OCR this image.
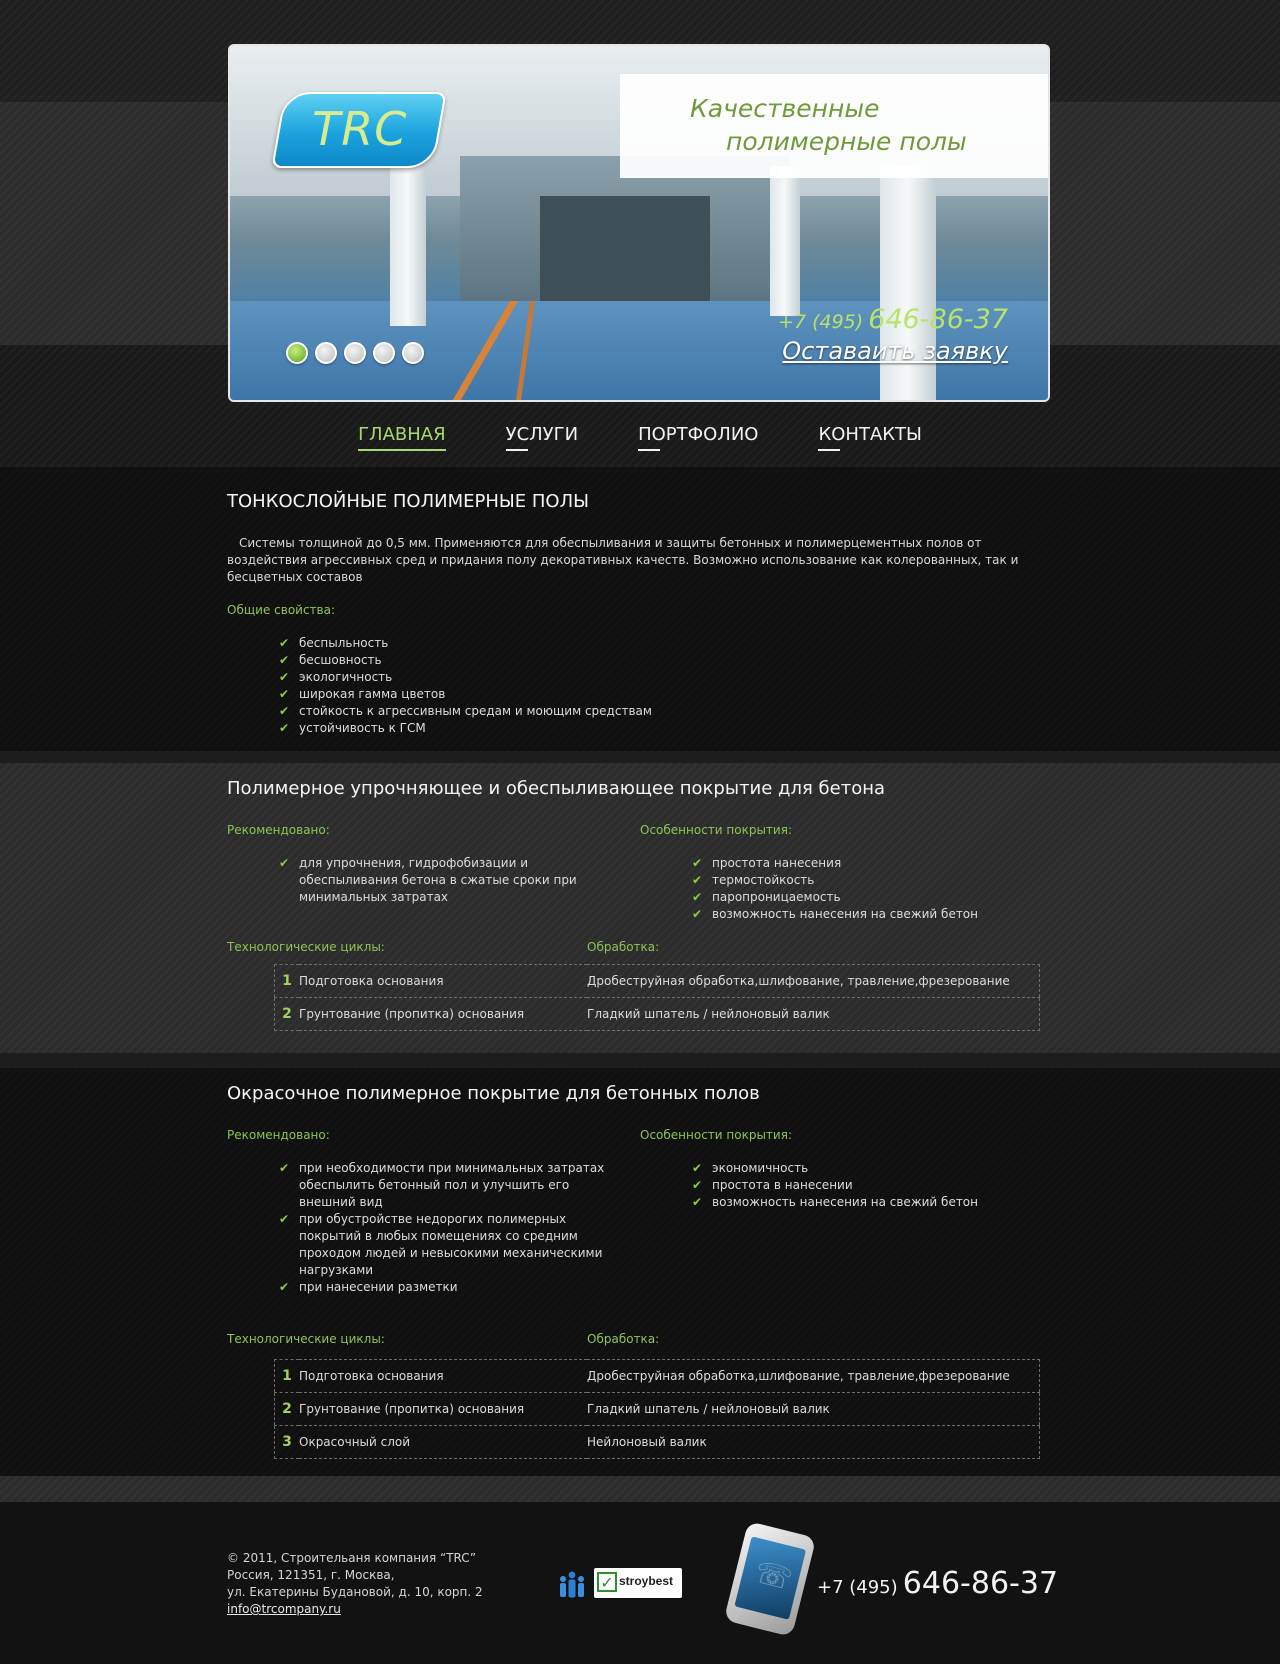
Качественные
полимерные полы
TRC
+7 (495) 646-86-37
Оставаить заявку
ГЛАВНАЯ	УСЛУГИ	ПОРТФОЛИО	КОНТАКТЫ
ТОНКОСЛОЙНЫЕ ПОЛИМЕРНЫЕ ПОЛЫ
Системы толщиной до 0,5 мм. Применяются для обеспыливания и защиты бетонных и полимерцементных полов от воздействия агрессивных сред и придания полу декоративных качеств. Возможно использование как колерованных, так и бесцветных составов
Общие свойства:
✔ беспыльность
✔ бесшовность
✔ экологичность
✔ широкая гамма цветов
✔ стойкость к агрессивным средам и моющим средствам
✔ устойчивость к ГСМ
Полимерное упрочняющее и обеспыливающее покрытие для бетона
Рекомендовано:
✔ для упрочнения, гидрофобизации и обеспыливания бетона в сжатые сроки при минимальных затратах
Особенности покрытия:
✔ простота нанесения
✔ термостойкость
✔ паропроницаемость
✔ возможность нанесения на свежий бетон
Технологические циклы:	Обработка:
1	Подготовка основания	Дробеструйная обработка,шлифование, травление,фрезерование
2	Грунтование (пропитка) основания	Гладкий шпатель / нейлоновый валик
Окрасочное полимерное покрытие для бетонных полов
Рекомендовано:
✔ при необходимости при минимальных затратах обеспылить бетонный пол и улучшить его внешний вид
✔ при обустройстве недорогих полимерных покрытий в любых помещениях со средним проходом людей и невысокими механическими нагрузками
✔ при нанесении разметки
Особенности покрытия:
✔ экономичность
✔ простота в нанесении
✔ возможность нанесения на свежий бетон
Технологические циклы:	Обработка:
1	Подготовка основания	Дробеструйная обработка,шлифование, травление,фрезерование
2	Грунтование (пропитка) основания	Гладкий шпатель / нейлоновый валик
3	Окрасочный слой	Нейлоновый валик
© 2011, Строительаня компания “TRC”
Россия, 121351, г. Москва,
ул. Екатерины Будановой, д. 10, корп. 2
info@trcompany.ru
✓ stroybest ☏	+7 (495) 646-86-37
